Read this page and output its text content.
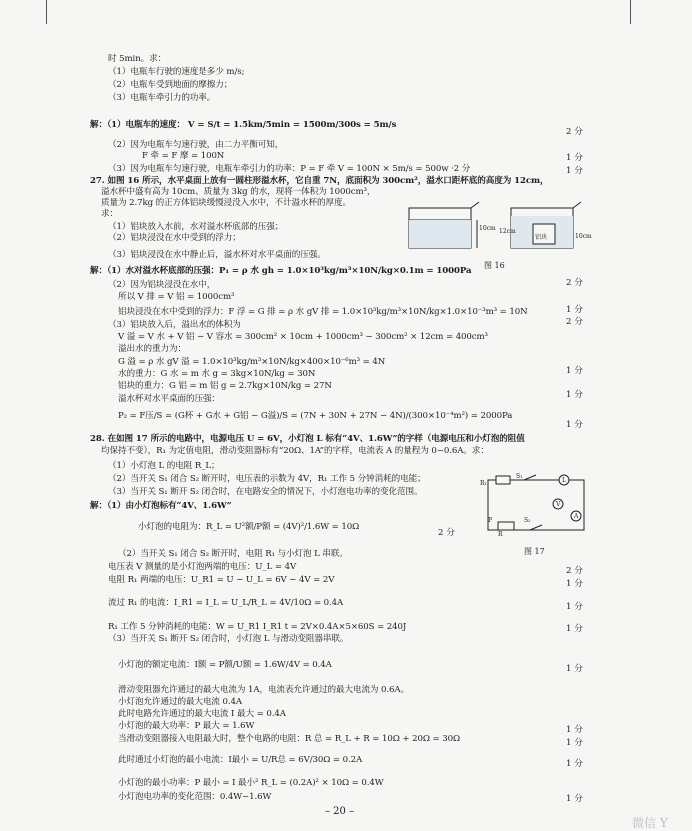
时 5min。求：
（1）电瓶车行驶的速度是多少 m/s;
（2）电瓶车受到地面的摩擦力；
（3）电瓶车牵引力的功率。
解：（1）电瓶车的速度： V = S/t = 1.5km/5min = 1500m/300s = 5m/s
2 分
（2）因为电瓶车匀速行驶，由二力平衡可知，
F 牵 = F 摩 = 100N	1 分
（3）因为电瓶车匀速行驶，电瓶车牵引力的功率：P = F 牵 V = 100N × 5m/s = 500w ·2 分	1 分
27. 如图 16 所示，水平桌面上放有一圆柱形溢水杯，它自重 7N，底面积为 300cm²，溢水口距杯底的高度为 12cm，
溢水杯中盛有高为 10cm、质量为 3kg 的水，现将一体积为 1000cm³，
质量为 2.7kg 的正方体铝块缓慢浸没入水中，不计溢水杯的厚度。
求：
（1）铝块放入水前，水对溢水杯底部的压强；
（2）铝块浸没在水中受到的浮力；
（3）铝块浸没在水中静止后，溢水杯对水平桌面的压强。
解：（1）水对溢水杯底部的压强：P₁ = ρ 水 gh = 1.0×10³kg/m³×10N/kg×0.1m = 1000Pa
2 分
（2）因为铝块浸没在水中，
所以 V 排 = V 铝 = 1000cm³
1 分
铝块浸没在水中受到的浮力：F 浮 = G 排 = ρ 水 gV 排 = 1.0×10³kg/m³×10N/kg×1.0×10⁻³m³ = 10N
2 分
（3）铝块放入后，溢出水的体积为
V 溢 = V 水 + V 铝 − V 容水 = 300cm² × 10cm + 1000cm³ − 300cm² × 12cm = 400cm³
溢出水的重力为：
G 溢 = ρ 水 gV 溢 = 1.0×10³kg/m³×10N/kg×400×10⁻⁶m³ = 4N
1 分
水的重力：G 水 = m 水 g = 3kg×10N/kg = 30N
铝块的重力：G 铝 = m 铝 g = 2.7kg×10N/kg = 27N
1 分
溢水杯对水平桌面的压强：
P₂ = F压/S = (G杯 + G水 + G铝 − G溢)/S = (7N + 30N + 27N − 4N)/(300×10⁻⁴m²) = 2000Pa
1 分
10cm 12cm
10cm
铝块
图 16
28. 在如图 17 所示的电路中，电源电压 U = 6V，小灯泡 L 标有“4V、1.6W”的字样（电源电压和小灯泡的阻值
均保持不变），R₁ 为定值电阻，滑动变阻器标有“20Ω、1A”的字样，电流表 A 的量程为 0~0.6A。求：
（1）小灯泡 L 的电阻 R_L；
（2）当开关 S₁ 闭合 S₂ 断开时，电压表的示数为 4V，R₁ 工作 5 分钟消耗的电能；
（3）当开关 S₁ 断开 S₂ 闭合时，在电路安全的情况下，小灯泡电功率的变化范围。
解：（1）由小灯泡标有“4V、1.6W”
小灯泡的电阻为：R_L = U²额/P额 = (4V)²/1.6W = 10Ω
2 分
R₁
S₁
L
V
A
P	S₂
R
图 17
（2）当开关 S₁ 闭合 S₂ 断开时，电阻 R₁ 与小灯泡 L 串联。
电压表 V 测量的是小灯泡两端的电压：U_L = 4V	2 分
电阻 R₁ 两端的电压：U_R1 = U − U_L = 6V − 4V = 2V	1 分
流过 R₁ 的电流：I_R1 = I_L = U_L/R_L = 4V/10Ω = 0.4A	1 分
R₁ 工作 5 分钟消耗的电能：W = U_R1 I_R1 t = 2V×0.4A×5×60S = 240J	1 分
（3）当开关 S₁ 断开 S₂ 闭合时，小灯泡 L 与滑动变阻器串联。
小灯泡的额定电流：I额 = P额/U额 = 1.6W/4V = 0.4A	1 分
滑动变阻器允许通过的最大电流为 1A，电流表允许通过的最大电流为 0.6A。
小灯泡允许通过的最大电流 0.4A
此时电路允许通过的最大电流 I 最大 = 0.4A
小灯泡的最大功率：P 最大 = 1.6W	1 分
当滑动变阻器接入电阻最大时，整个电路的电阻：R 总 = R_L + R = 10Ω + 20Ω = 30Ω	1 分
此时通过小灯泡的最小电流：I最小 = U/R总 = 6V/30Ω = 0.2A	1 分
小灯泡的最小功率：P 最小 = I 最小² R_L = (0.2A)² × 10Ω = 0.4W
小灯泡电功率的变化范围：0.4W~1.6W	1 分
– 20 –
微信 Y
